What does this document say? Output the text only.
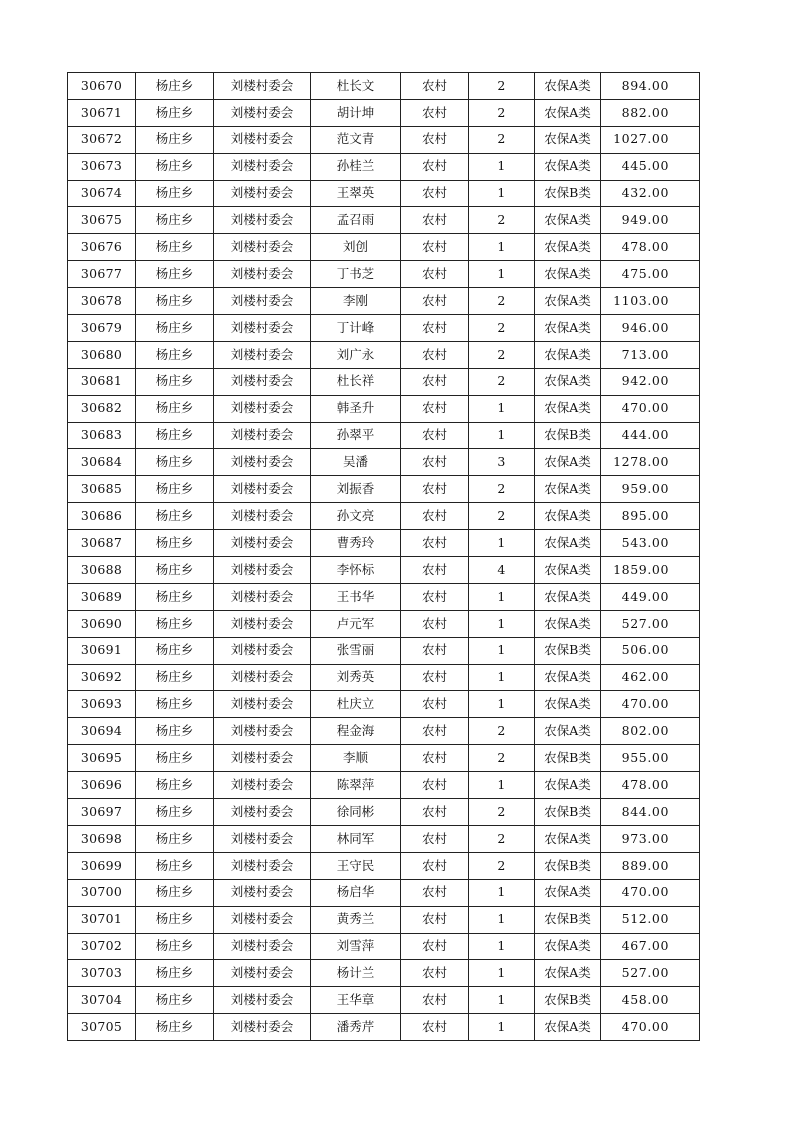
30670	杨庄乡	刘楼村委会	杜长文	农村	2	农保A类	894.00
30671	杨庄乡	刘楼村委会	胡计坤	农村	2	农保A类	882.00
30672	杨庄乡	刘楼村委会	范文青	农村	2	农保A类	1027.00
30673	杨庄乡	刘楼村委会	孙桂兰	农村	1	农保A类	445.00
30674	杨庄乡	刘楼村委会	王翠英	农村	1	农保B类	432.00
30675	杨庄乡	刘楼村委会	孟召雨	农村	2	农保A类	949.00
30676	杨庄乡	刘楼村委会	刘创	农村	1	农保A类	478.00
30677	杨庄乡	刘楼村委会	丁书芝	农村	1	农保A类	475.00
30678	杨庄乡	刘楼村委会	李刚	农村	2	农保A类	1103.00
30679	杨庄乡	刘楼村委会	丁计峰	农村	2	农保A类	946.00
30680	杨庄乡	刘楼村委会	刘广永	农村	2	农保A类	713.00
30681	杨庄乡	刘楼村委会	杜长祥	农村	2	农保A类	942.00
30682	杨庄乡	刘楼村委会	韩圣升	农村	1	农保A类	470.00
30683	杨庄乡	刘楼村委会	孙翠平	农村	1	农保B类	444.00
30684	杨庄乡	刘楼村委会	吴潘	农村	3	农保A类	1278.00
30685	杨庄乡	刘楼村委会	刘振香	农村	2	农保A类	959.00
30686	杨庄乡	刘楼村委会	孙文亮	农村	2	农保A类	895.00
30687	杨庄乡	刘楼村委会	曹秀玲	农村	1	农保A类	543.00
30688	杨庄乡	刘楼村委会	李怀标	农村	4	农保A类	1859.00
30689	杨庄乡	刘楼村委会	王书华	农村	1	农保A类	449.00
30690	杨庄乡	刘楼村委会	卢元军	农村	1	农保A类	527.00
30691	杨庄乡	刘楼村委会	张雪丽	农村	1	农保B类	506.00
30692	杨庄乡	刘楼村委会	刘秀英	农村	1	农保A类	462.00
30693	杨庄乡	刘楼村委会	杜庆立	农村	1	农保A类	470.00
30694	杨庄乡	刘楼村委会	程金海	农村	2	农保A类	802.00
30695	杨庄乡	刘楼村委会	李顺	农村	2	农保B类	955.00
30696	杨庄乡	刘楼村委会	陈翠萍	农村	1	农保A类	478.00
30697	杨庄乡	刘楼村委会	徐同彬	农村	2	农保B类	844.00
30698	杨庄乡	刘楼村委会	林同军	农村	2	农保A类	973.00
30699	杨庄乡	刘楼村委会	王守民	农村	2	农保B类	889.00
30700	杨庄乡	刘楼村委会	杨启华	农村	1	农保A类	470.00
30701	杨庄乡	刘楼村委会	黄秀兰	农村	1	农保B类	512.00
30702	杨庄乡	刘楼村委会	刘雪萍	农村	1	农保A类	467.00
30703	杨庄乡	刘楼村委会	杨计兰	农村	1	农保A类	527.00
30704	杨庄乡	刘楼村委会	王华章	农村	1	农保B类	458.00
30705	杨庄乡	刘楼村委会	潘秀芹	农村	1	农保A类	470.00
